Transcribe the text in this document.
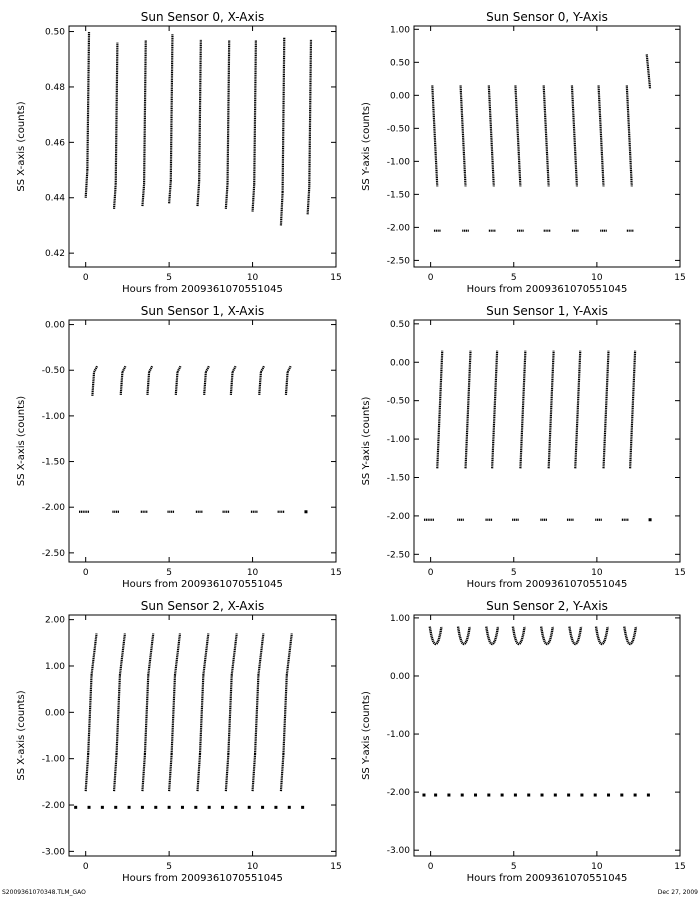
Sun Sensor 0, X-Axis
0	5	10	15
0.42
0.44
0.46
0.48
0.50
Hours from 2009361070551045
SS X-axis (counts)
Sun Sensor 0, Y-Axis
0	5	10	15
-2.50
-2.00
-1.50
-1.00
-0.50
0.00
0.50
1.00
Hours from 2009361070551045
SS Y-axis (counts)
Sun Sensor 1, X-Axis
0	5	10	15
-2.50
-2.00
-1.50
-1.00
-0.50
0.00
Hours from 2009361070551045
SS X-axis (counts)
Sun Sensor 1, Y-Axis
0	5	10	15
-2.50
-2.00
-1.50
-1.00
-0.50
0.00
0.50
Hours from 2009361070551045
SS Y-axis (counts)
Sun Sensor 2, X-Axis
0	5	10	15
-3.00
-2.00
-1.00
0.00
1.00
2.00
Hours from 2009361070551045
SS X-axis (counts)
Sun Sensor 2, Y-Axis
0	5	10	15
-3.00
-2.00
-1.00
0.00
1.00
Hours from 2009361070551045
SS Y-axis (counts)
S2009361070348.TLM_GAO	Dec 27, 2009
